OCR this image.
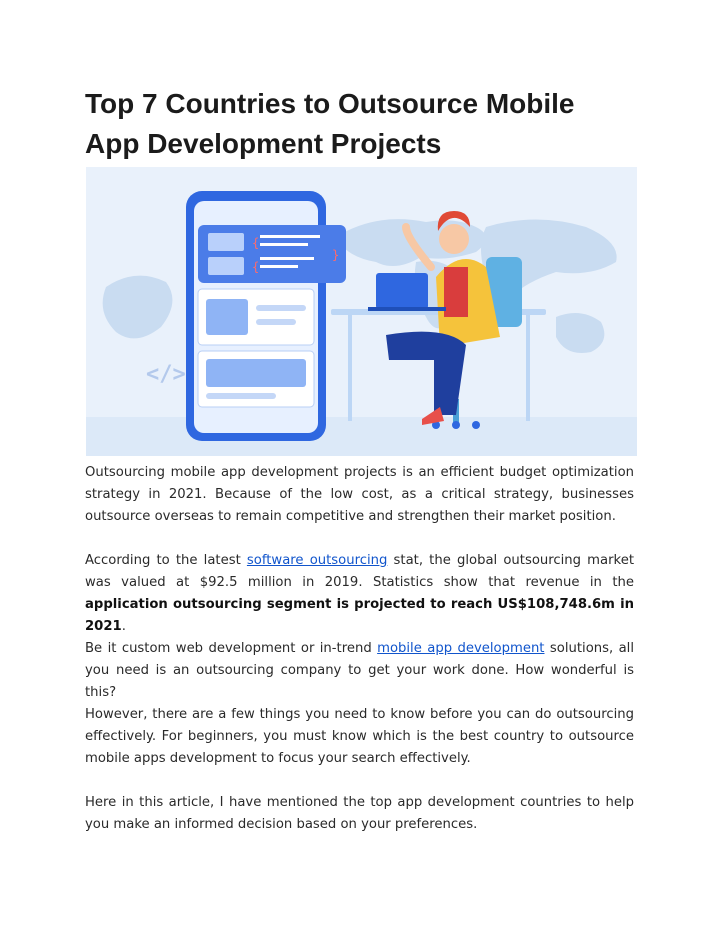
Top 7 Countries to Outsource Mobile
App Development Projects
{
{
}
</>

Outsourcing mobile app development projects is an efficient budget optimization strategy in 2021. Because of the low cost, as a critical strategy, businesses outsource overseas to remain competitive and strengthen their market position.

According to the latest software outsourcing stat, the global outsourcing market was valued at $92.5 million in 2019. Statistics show that revenue in the application outsourcing segment is projected to reach US$108,748.6m in 2021.

Be it custom web development or in-trend mobile app development solutions, all you need is an outsourcing company to get your work done. How wonderful is this?

However, there are a few things you need to know before you can do outsourcing effectively. For beginners, you must know which is the best country to outsource mobile apps development to focus your search effectively.

Here in this article, I have mentioned the top app development countries to help you make an informed decision based on your preferences.
